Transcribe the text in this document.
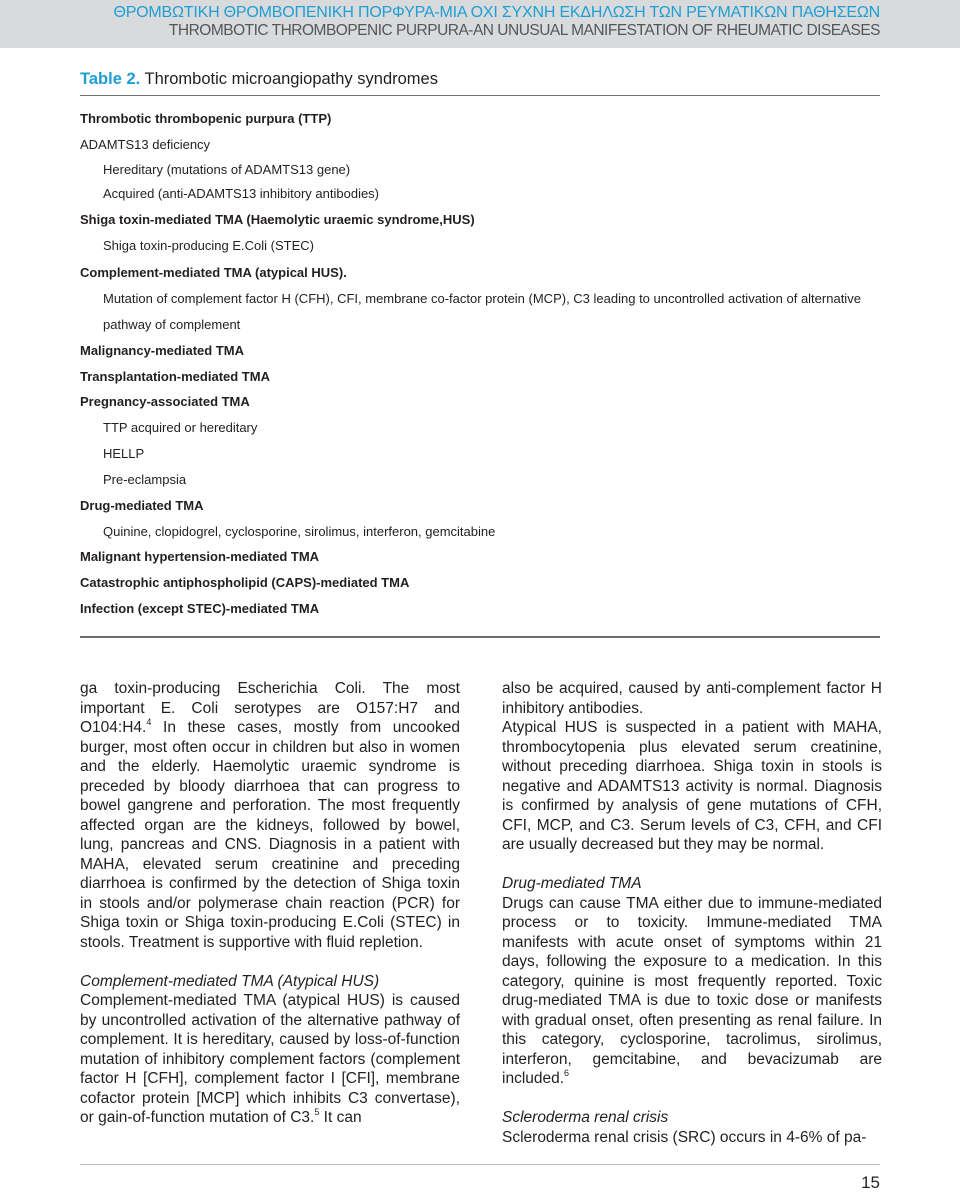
ΘΡΟΜΒΩΤΙΚΗ ΘΡΟΜΒΟΠΕΝΙΚΗ ΠΟΡΦΥΡΑ-ΜΙΑ ΟΧΙ ΣΥΧΝΗ ΕΚΔΗΛΩΣΗ ΤΩΝ ΡΕΥΜΑΤΙΚΩΝ ΠΑΘΗΣΕΩΝ
THROMBOTIC THROMBOPENIC PURPURA-AN UNUSUAL MANIFESTATION OF RHEUMATIC DISEASES
Table 2. Thrombotic microangiopathy syndromes
Thrombotic thrombopenic purpura (TTP)
ADAMTS13 deficiency
Hereditary (mutations of ADAMTS13 gene)
Acquired (anti-ADAMTS13 inhibitory antibodies)
Shiga toxin-mediated TMA (Haemolytic uraemic syndrome,HUS)
Shiga toxin-producing E.Coli (STEC)
Complement-mediated TMA (atypical HUS).
Mutation of complement factor H (CFH), CFI, membrane co-factor protein (MCP), C3 leading to uncontrolled activation of alternative
pathway of complement
Malignancy-mediated TMA
Transplantation-mediated TMA
Pregnancy-associated TMA
TTP acquired or hereditary
HELLP
Pre-eclampsia
Drug-mediated TMA
Quinine, clopidogrel, cyclosporine, sirolimus, interferon, gemcitabine
Malignant hypertension-mediated TMA
Catastrophic antiphospholipid (CAPS)-mediated TMA
Infection (except STEC)-mediated TMA

ga toxin-producing Escherichia Coli. The most important E. Coli serotypes are O157:H7 and O104:H4.$^4$ In these cases, mostly from uncooked burger, most often occur in children but also in women and the elderly. Haemolytic uraemic syndrome is preceded by bloody diarrhoea that can progress to bowel gangrene and perforation. The most frequently affected organ are the kidneys, followed by bowel, lung, pancreas and CNS. Diagnosis in a patient with MAHA, elevated serum creatinine and preceding diarrhoea is confirmed by the detection of Shiga toxin in stools and/or polymerase chain reaction (PCR) for Shiga toxin or Shiga toxin-producing E.Coli (STEC) in stools. Treatment is supportive with fluid repletion.

Complement-mediated TMA (Atypical HUS)

Complement-mediated TMA (atypical HUS) is caused by uncontrolled activation of the alternative pathway of complement. It is hereditary, caused by loss-of-function mutation of inhibitory complement factors (complement factor H [CFH], complement factor I [CFI], membrane cofactor protein [MCP] which inhibits C3 convertase), or gain-of-function mutation of C3.$^5$ It can

also be acquired, caused by anti-complement factor H inhibitory antibodies.

Atypical HUS is suspected in a patient with MAHA, thrombocytopenia plus elevated serum creatinine, without preceding diarrhoea. Shiga toxin in stools is negative and ADAMTS13 activity is normal. Diagnosis is confirmed by analysis of gene mutations of CFH, CFI, MCP, and C3. Serum levels of C3, CFH, and CFI are usually decreased but they may be normal.

Drug-mediated TMA

Drugs can cause TMA either due to immune-mediated process or to toxicity. Immune-mediated TMA manifests with acute onset of symptoms within 21 days, following the exposure to a medication. In this category, quinine is most frequently reported. Toxic drug-mediated TMA is due to toxic dose or manifests with gradual onset, often presenting as renal failure. In this category, cyclosporine, tacrolimus, sirolimus, interferon, gemcitabine, and bevacizumab are included.$^6$

Scleroderma renal crisis

Scleroderma renal crisis (SRC) occurs in 4-6% of pa-

15
